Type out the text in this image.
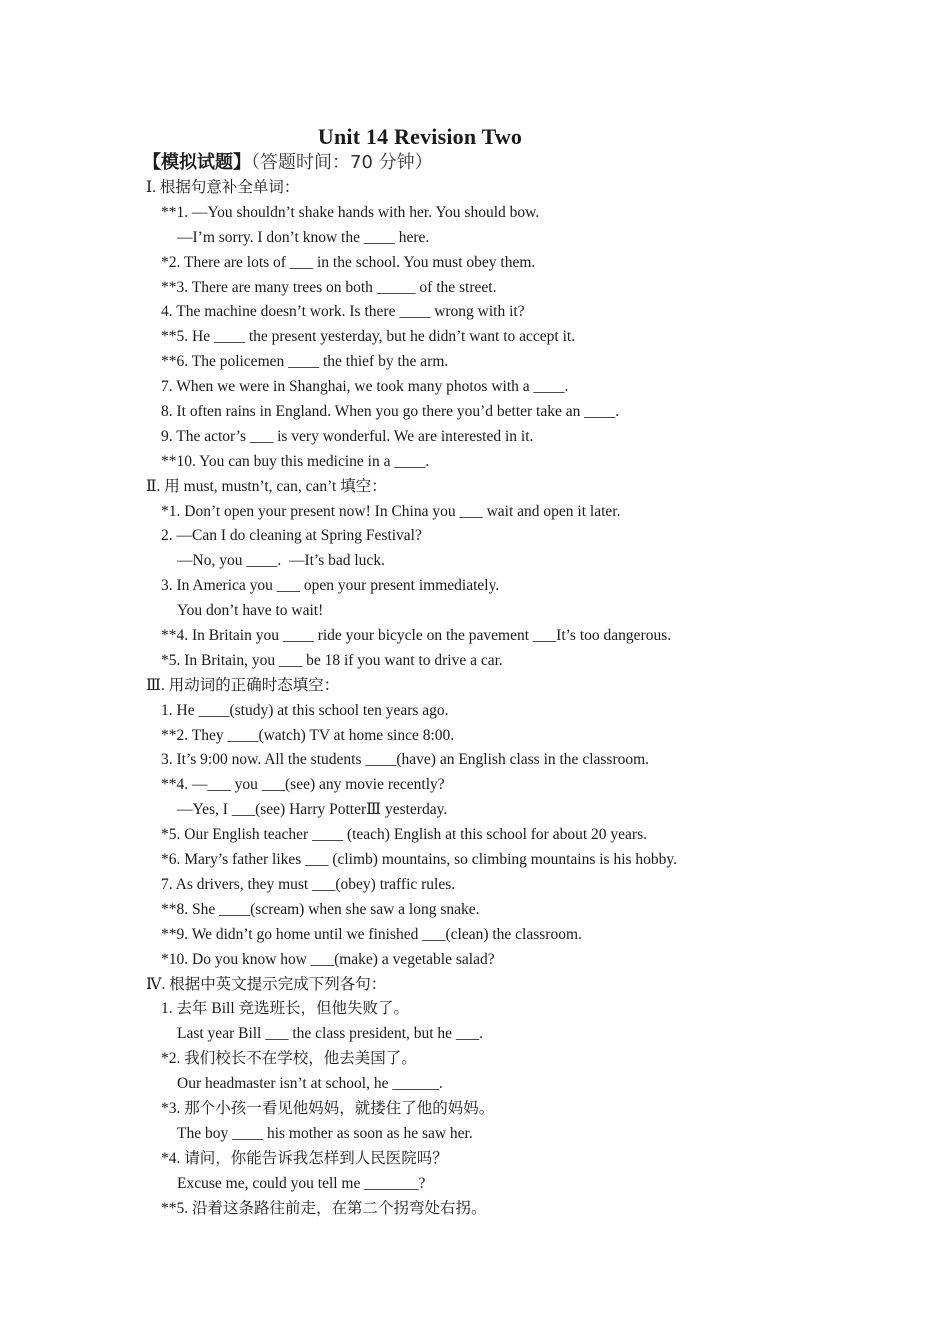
Unit 14 Revision Two
【模拟试题】（答题时间：70 分钟）
Ⅰ. 根据句意补全单词：
**1. —You shouldn’t shake hands with her. You should bow.
—I’m sorry. I don’t know the ____ here.
*2. There are lots of ___ in the school. You must obey them.
**3. There are many trees on both _____ of the street.
4. The machine doesn’t work. Is there ____ wrong with it?
**5. He ____ the present yesterday, but he didn’t want to accept it.
**6. The policemen ____ the thief by the arm.
7. When we were in Shanghai, we took many photos with a ____.
8. It often rains in England. When you go there you’d better take an ____.
9. The actor’s ___ is very wonderful. We are interested in it.
**10. You can buy this medicine in a ____.
Ⅱ. 用 must, mustn’t, can, can’t 填空：
*1. Don’t open your present now! In China you ___ wait and open it later.
2. —Can I do cleaning at Spring Festival?
—No, you ____.  —It’s bad luck.
3. In America you ___ open your present immediately.
You don’t have to wait!
**4. In Britain you ____ ride your bicycle on the pavement ___It’s too dangerous.
*5. In Britain, you ___ be 18 if you want to drive a car.
Ⅲ. 用动词的正确时态填空：
1. He ____(study) at this school ten years ago.
**2. They ____(watch) TV at home since 8:00.
3. It’s 9:00 now. All the students ____(have) an English class in the classroom.
**4. —___ you ___(see) any movie recently?
—Yes, I ___(see) Harry PotterⅢ yesterday.
*5. Our English teacher ____ (teach) English at this school for about 20 years.
*6. Mary’s father likes ___ (climb) mountains, so climbing mountains is his hobby.
7. As drivers, they must ___(obey) traffic rules.
**8. She ____(scream) when she saw a long snake.
**9. We didn’t go home until we finished ___(clean) the classroom.
*10. Do you know how ___(make) a vegetable salad?
Ⅳ. 根据中英文提示完成下列各句：
1. 去年 Bill 竞选班长，但他失败了。
Last year Bill ___ the class president, but he ___.
*2. 我们校长不在学校，他去美国了。
Our headmaster isn’t at school, he ______.
*3. 那个小孩一看见他妈妈，就搂住了他的妈妈。
The boy ____ his mother as soon as he saw her.
*4. 请问，你能告诉我怎样到人民医院吗？
Excuse me, could you tell me _______?
**5. 沿着这条路往前走，在第二个拐弯处右拐。
